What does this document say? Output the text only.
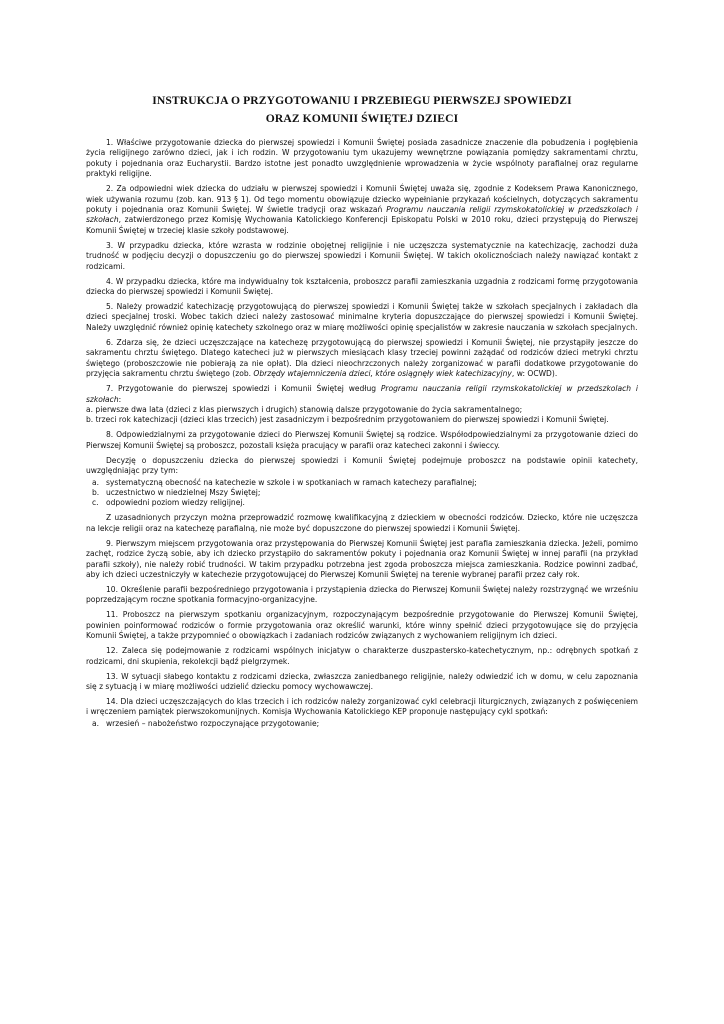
INSTRUKCJA O PRZYGOTOWANIU I PRZEBIEGU PIERWSZEJ SPOWIEDZI
ORAZ KOMUNII ŚWIĘTEJ DZIECI

1. Właściwe przygotowanie dziecka do pierwszej spowiedzi i Komunii Świętej posiada zasadnicze znaczenie dla pobudzenia i pogłębienia życia religijnego zarówno dzieci, jak i ich rodzin. W przygotowaniu tym ukazujemy wewnętrzne powiązania pomiędzy sakramentami chrztu, pokuty i pojednania oraz Eucharystii. Bardzo istotne jest ponadto uwzględnienie wprowadzenia w życie wspólnoty parafialnej oraz regularne praktyki religijne.

2. Za odpowiedni wiek dziecka do udziału w pierwszej spowiedzi i Komunii Świętej uważa się, zgodnie z Kodeksem Prawa Kanonicznego, wiek używania rozumu (zob. kan. 913 § 1). Od tego momentu obowiązuje dziecko wypełnianie przykazań kościelnych, dotyczących sakramentu pokuty i pojednania oraz Komunii Świętej. W świetle tradycji oraz wskazań Programu nauczania religii rzymskokatolickiej w przedszkolach i szkołach, zatwierdzonego przez Komisję Wychowania Katolickiego Konferencji Episkopatu Polski w 2010 roku, dzieci przystępują do Pierwszej Komunii Świętej w trzeciej klasie szkoły podstawowej.

3. W przypadku dziecka, które wzrasta w rodzinie obojętnej religijnie i nie uczęszcza systematycznie na katechizację, zachodzi duża trudność w podjęciu decyzji o dopuszczeniu go do pierwszej spowiedzi i Komunii Świętej. W takich okolicznościach należy nawiązać kontakt z rodzicami.

4. W przypadku dziecka, które ma indywidualny tok kształcenia, proboszcz parafii zamieszkania uzgadnia z rodzicami formę przygotowania dziecka do pierwszej spowiedzi i Komunii Świętej.

5. Należy prowadzić katechizację przygotowującą do pierwszej spowiedzi i Komunii Świętej także w szkołach specjalnych i zakładach dla dzieci specjalnej troski. Wobec takich dzieci należy zastosować minimalne kryteria dopuszczające do pierwszej spowiedzi i Komunii Świętej. Należy uwzględnić również opinię katechety szkolnego oraz w miarę możliwości opinię specjalistów w zakresie nauczania w szkołach specjalnych.

6. Zdarza się, że dzieci uczęszczające na katechezę przygotowującą do pierwszej spowiedzi i Komunii Świętej, nie przystąpiły jeszcze do sakramentu chrztu świętego. Dlatego katecheci już w pierwszych miesiącach klasy trzeciej powinni zażądać od rodziców dzieci metryki chrztu świętego (proboszczowie nie pobierają za nie opłat). Dla dzieci nieochrzczonych należy zorganizować w parafii dodatkowe przygotowanie do przyjęcia sakramentu chrztu świętego (zob. Obrzędy wtajemniczenia dzieci, które osiągnęły wiek katechizacyjny, w: OCWD).

7. Przygotowanie do pierwszej spowiedzi i Komunii Świętej według Programu nauczania religii rzymskokatolickiej w przedszkolach i szkołach:

a. pierwsze dwa lata (dzieci z klas pierwszych i drugich) stanowią dalsze przygotowanie do życia sakramentalnego;

b. trzeci rok katechizacji (dzieci klas trzecich) jest zasadniczym i bezpośrednim przygotowaniem do pierwszej spowiedzi i Komunii Świętej.

8. Odpowiedzialnymi za przygotowanie dzieci do Pierwszej Komunii Świętej są rodzice. Współodpowiedzialnymi za przygotowanie dzieci do Pierwszej Komunii Świętej są proboszcz, pozostali księża pracujący w parafii oraz katecheci zakonni i świeccy.

Decyzję o dopuszczeniu dziecka do pierwszej spowiedzi i Komunii Świętej podejmuje proboszcz na podstawie opinii katechety, uwzględniając przy tym:

a. systematyczną obecność na katechezie w szkole i w spotkaniach w ramach katechezy parafialnej;
b. uczestnictwo w niedzielnej Mszy Świętej;
c. odpowiedni poziom wiedzy religijnej.

Z uzasadnionych przyczyn można przeprowadzić rozmowę kwalifikacyjną z dzieckiem w obecności rodziców. Dziecko, które nie uczęszcza na lekcje religii oraz na katechezę parafialną, nie może być dopuszczone do pierwszej spowiedzi i Komunii Świętej.

9. Pierwszym miejscem przygotowania oraz przystępowania do Pierwszej Komunii Świętej jest parafia zamieszkania dziecka. Jeżeli, pomimo zachęt, rodzice życzą sobie, aby ich dziecko przystąpiło do sakramentów pokuty i pojednania oraz Komunii Świętej w innej parafii (na przykład parafii szkoły), nie należy robić trudności. W takim przypadku potrzebna jest zgoda proboszcza miejsca zamieszkania. Rodzice powinni zadbać, aby ich dzieci uczestniczyły w katechezie przygotowującej do Pierwszej Komunii Świętej na terenie wybranej parafii przez cały rok.

10. Określenie parafii bezpośredniego przygotowania i przystąpienia dziecka do Pierwszej Komunii Świętej należy rozstrzygnąć we wrześniu poprzedzającym roczne spotkania formacyjno-organizacyjne.

11. Proboszcz na pierwszym spotkaniu organizacyjnym, rozpoczynającym bezpośrednie przygotowanie do Pierwszej Komunii Świętej, powinien poinformować rodziców o formie przygotowania oraz określić warunki, które winny spełnić dzieci przygotowujące się do przyjęcia Komunii Świętej, a także przypomnieć o obowiązkach i zadaniach rodziców związanych z wychowaniem religijnym ich dzieci.

12. Zaleca się podejmowanie z rodzicami wspólnych inicjatyw o charakterze duszpastersko-katechetycznym, np.: odrębnych spotkań z rodzicami, dni skupienia, rekolekcji bądź pielgrzymek.

13. W sytuacji słabego kontaktu z rodzicami dziecka, zwłaszcza zaniedbanego religijnie, należy odwiedzić ich w domu, w celu zapoznania się z sytuacją i w miarę możliwości udzielić dziecku pomocy wychowawczej.

14. Dla dzieci uczęszczających do klas trzecich i ich rodziców należy zorganizować cykl celebracji liturgicznych, związanych z poświęceniem i wręczeniem pamiątek pierwszokomunijnych. Komisja Wychowania Katolickiego KEP proponuje następujący cykl spotkań:

a. wrzesień – nabożeństwo rozpoczynające przygotowanie;
